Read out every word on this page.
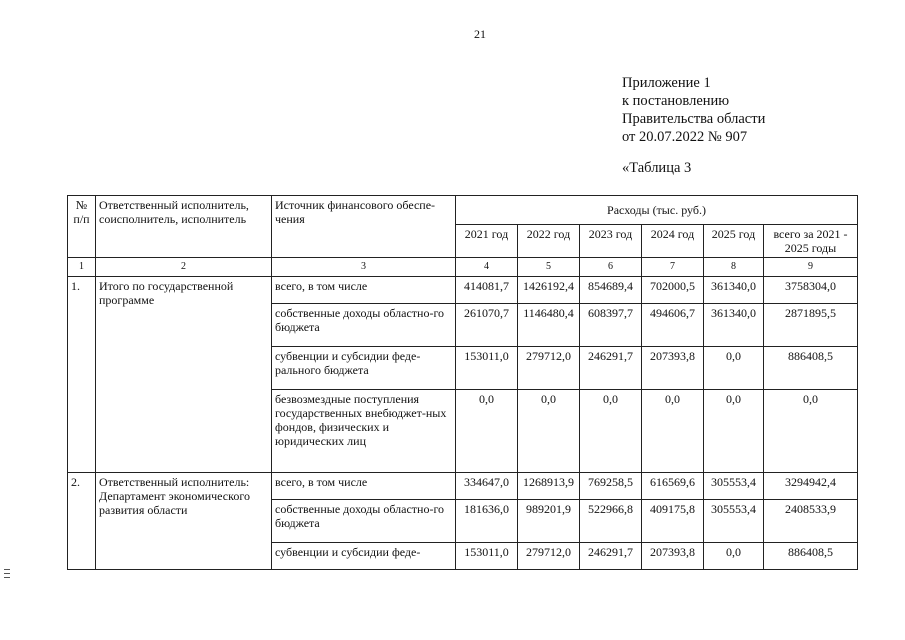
21
Приложение 1
к постановлению
Правительства области
от 20.07.2022 № 907
«Таблица 3
№ п/п	Ответственный исполнитель, соисполнитель, исполнитель	Источник финансового обеспе-чения	Расходы (тыс. руб.)					
			2021 год	2022 год	2023 год	2024 год	2025 год	всего за 2021 - 2025 годы
1	2	3	4	5	6	7	8	9
1.	Итого по государственной программе	всего, в том числе	414081,7	1426192,4	854689,4	702000,5	361340,0	3758304,0
		собственные доходы областно-го бюджета	261070,7	1146480,4	608397,7	494606,7	361340,0	2871895,5
		субвенции и субсидии феде-рального бюджета	153011,0	279712,0	246291,7	207393,8	0,0	886408,5
		безвозмездные поступления государственных внебюджет-ных фондов, физических и юридических лиц	0,0	0,0	0,0	0,0	0,0	0,0
2.	Ответственный исполнитель: Департамент экономического развития области	всего, в том числе	334647,0	1268913,9	769258,5	616569,6	305553,4	3294942,4
		собственные доходы областно-го бюджета	181636,0	989201,9	522966,8	409175,8	305553,4	2408533,9
		субвенции и субсидии феде-	153011,0	279712,0	246291,7	207393,8	0,0	886408,5
